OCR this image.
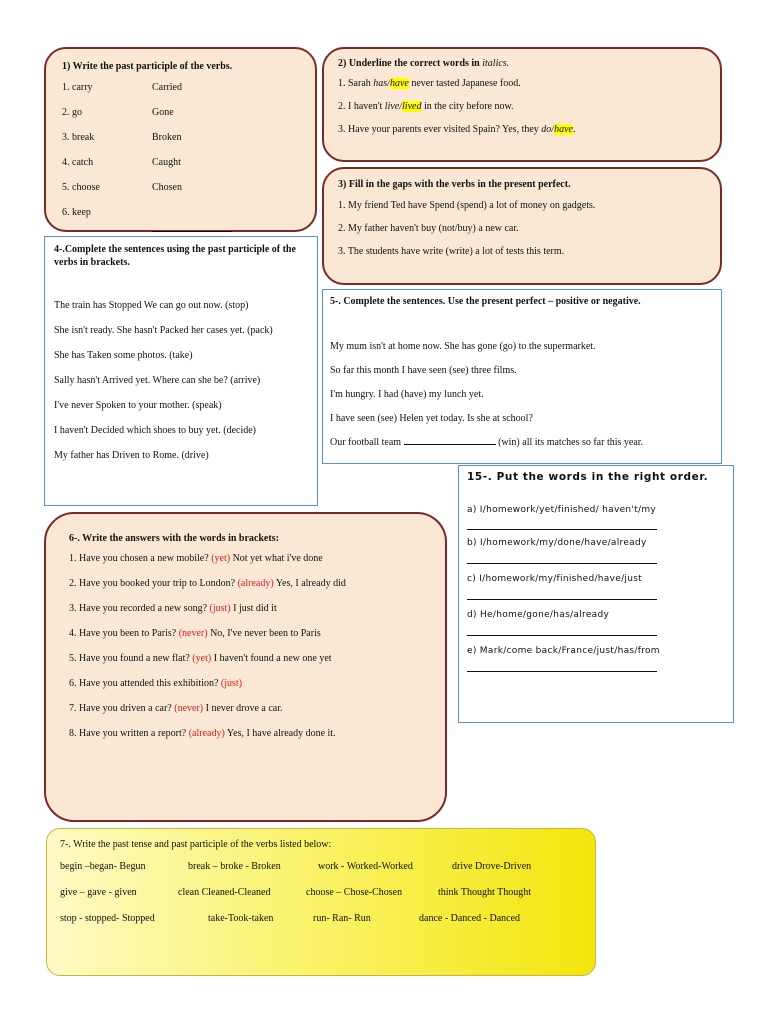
1) Write the past participle of the verbs.

1. carry	Carried
2. go	Gone
3. break	Broken
4. catch	Caught
5. choose	Chosen
6. keep

2) Underline the correct words in italics.

1. Sarah has/have never tasted Japanese food.

2. I haven't live/lived in the city before now.

3. Have your parents ever visited Spain? Yes, they do/have.

3) Fill in the gaps with the verbs in the present perfect.

1. My friend Ted have Spend (spend) a lot of money on gadgets.

2. My father haven't buy (not/buy) a new car.

3. The students have write (write) a lot of tests this term.

4-.Complete the sentences using the past participle of the verbs in brackets.

The train has Stopped We can go out now. (stop)

She isn't ready. She hasn't Packed her cases yet. (pack)

She has Taken some photos. (take)

Sally hasn't Arrived yet. Where can she be? (arrive)

I've never Spoken to your mother. (speak)

I haven't Decided which shoes to buy yet. (decide)

My father has Driven to Rome. (drive)

5-. Complete the sentences. Use the present perfect – positive or negative.

My mum isn't at home now. She has gone (go) to the supermarket.

So far this month I have seen (see) three films.

I'm hungry. I had (have) my lunch yet.

I have seen (see) Helen yet today. Is she at school?

Our football team	(win) all its matches so far this year.

15-. Put the words in the right order.

a) I/homework/yet/finished/ haven't/my

b) I/homework/my/done/have/already

c) I/homework/my/finished/have/just

d) He/home/gone/has/already

e) Mark/come back/France/just/has/from

6-. Write the answers with the words in brackets:

1. Have you chosen a new mobile? (yet) Not yet what i've done

2. Have you booked your trip to London? (already) Yes, I already did

3. Have you recorded a new song? (just) I just did it

4. Have you been to Paris? (never) No, I've never been to Paris

5. Have you found a new flat? (yet) I haven't found a new one yet

6. Have you attended this exhibition? (just)

7. Have you driven a car? (never) I never drove a car.

8. Have you written a report? (already) Yes, I have already done it.

7-. Write the past tense and past participle of the verbs listed below:

begin –began- Begun	break – broke - Broken	work - Worked-Worked	drive Drove-Driven
give – gave - given	clean Cleaned-Cleaned	choose – Chose-Chosen	think Thought Thought
stop - stopped- Stopped	take-Took-taken	run- Ran- Run	dance - Danced - Danced
